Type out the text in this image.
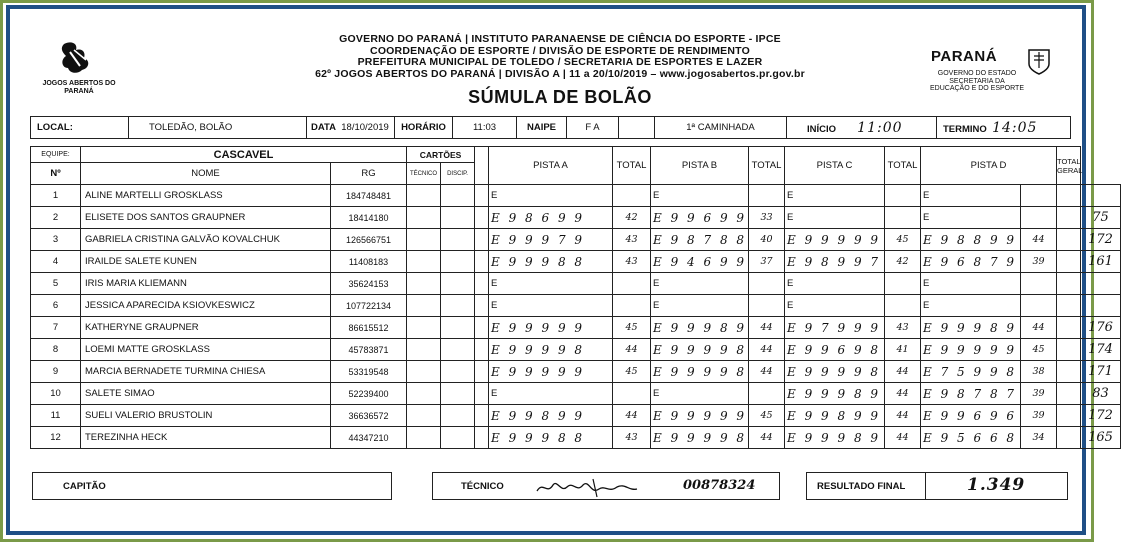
JOGOS ABERTOS DO PARANÁ
GOVERNO DO PARANÁ | INSTITUTO PARANAENSE DE CIÊNCIA DO ESPORTE - IPCE
COORDENAÇÃO DE ESPORTE / DIVISÃO DE ESPORTE DE RENDIMENTO
PREFEITURA MUNICIPAL DE TOLEDO / SECRETARIA DE ESPORTES E LAZER
62º JOGOS ABERTOS DO PARANÁ | DIVISÃO A | 11 a 20/10/2019 – www.jogosabertos.pr.gov.br
SÚMULA DE BOLÃO
PARANÁ
GOVERNO DO ESTADO
SECRETARIA DA EDUCAÇÃO E DO ESPORTE
LOCAL:	TOLEDÃO, BOLÃO	DATA 18/10/2019	HORÁRIO	11:03	NAIPE	F A		1ª CAMINHADA	INÍCIO 11:00	TERMINO 14:05
EQUIPE:	CASCAVEL		CARTÕES			PISTA A	TOTAL	PISTA B	TOTAL	PISTA C	TOTAL	PISTA D		TOTAL GERAL	
Nº	NOME	RG	TÉCNICO	DISCIP.											
1	ALINE MARTELLI GROSKLASS	184748481				E		E		E		E			
2	ELISETE DOS SANTOS GRAUPNER	18414180				E 9 8 6 9 9	42	E 9 9 6 9 9	33	E		E			75
3	GABRIELA CRISTINA GALVÃO KOVALCHUK	126566751				E 9 9 9 7 9	43	E 9 8 7 8 8	40	E 9 9 9 9 9	45	E 9 8 8 9 9	44		172
4	IRAILDE SALETE KUNEN	11408183				E 9 9 9 8 8	43	E 9 4 6 9 9	37	E 9 8 9 9 7	42	E 9 6 8 7 9	39		161
5	IRIS MARIA KLIEMANN	35624153				E		E		E		E			
6	JESSICA APARECIDA KSIOVKESWICZ	107722134				E		E		E		E			
7	KATHERYNE GRAUPNER	86615512				E 9 9 9 9 9	45	E 9 9 9 8 9	44	E 9 7 9 9 9	43	E 9 9 9 8 9	44		176
8	LOEMI MATTE GROSKLASS	45783871				E 9 9 9 9 8	44	E 9 9 9 9 8	44	E 9 9 6 9 8	41	E 9 9 9 9 9	45		174
9	MARCIA BERNADETE TURMINA CHIESA	53319548				E 9 9 9 9 9	45	E 9 9 9 9 8	44	E 9 9 9 9 8	44	E 7 5 9 9 8	38		171
10	SALETE SIMAO	52239400				E		E		E 9 9 9 8 9	44	E 9 8 7 8 7	39		83
11	SUELI VALERIO BRUSTOLIN	36636572				E 9 9 8 9 9	44	E 9 9 9 9 9	45	E 9 9 8 9 9	44	E 9 9 6 9 6	39		172
12	TEREZINHA HECK	44347210				E 9 9 9 8 8	43	E 9 9 9 9 8	44	E 9 9 9 8 9	44	E 9 5 6 6 8	34		165
CAPITÃO	TÉCNICO	00878324	RESULTADO FINAL	1.349
